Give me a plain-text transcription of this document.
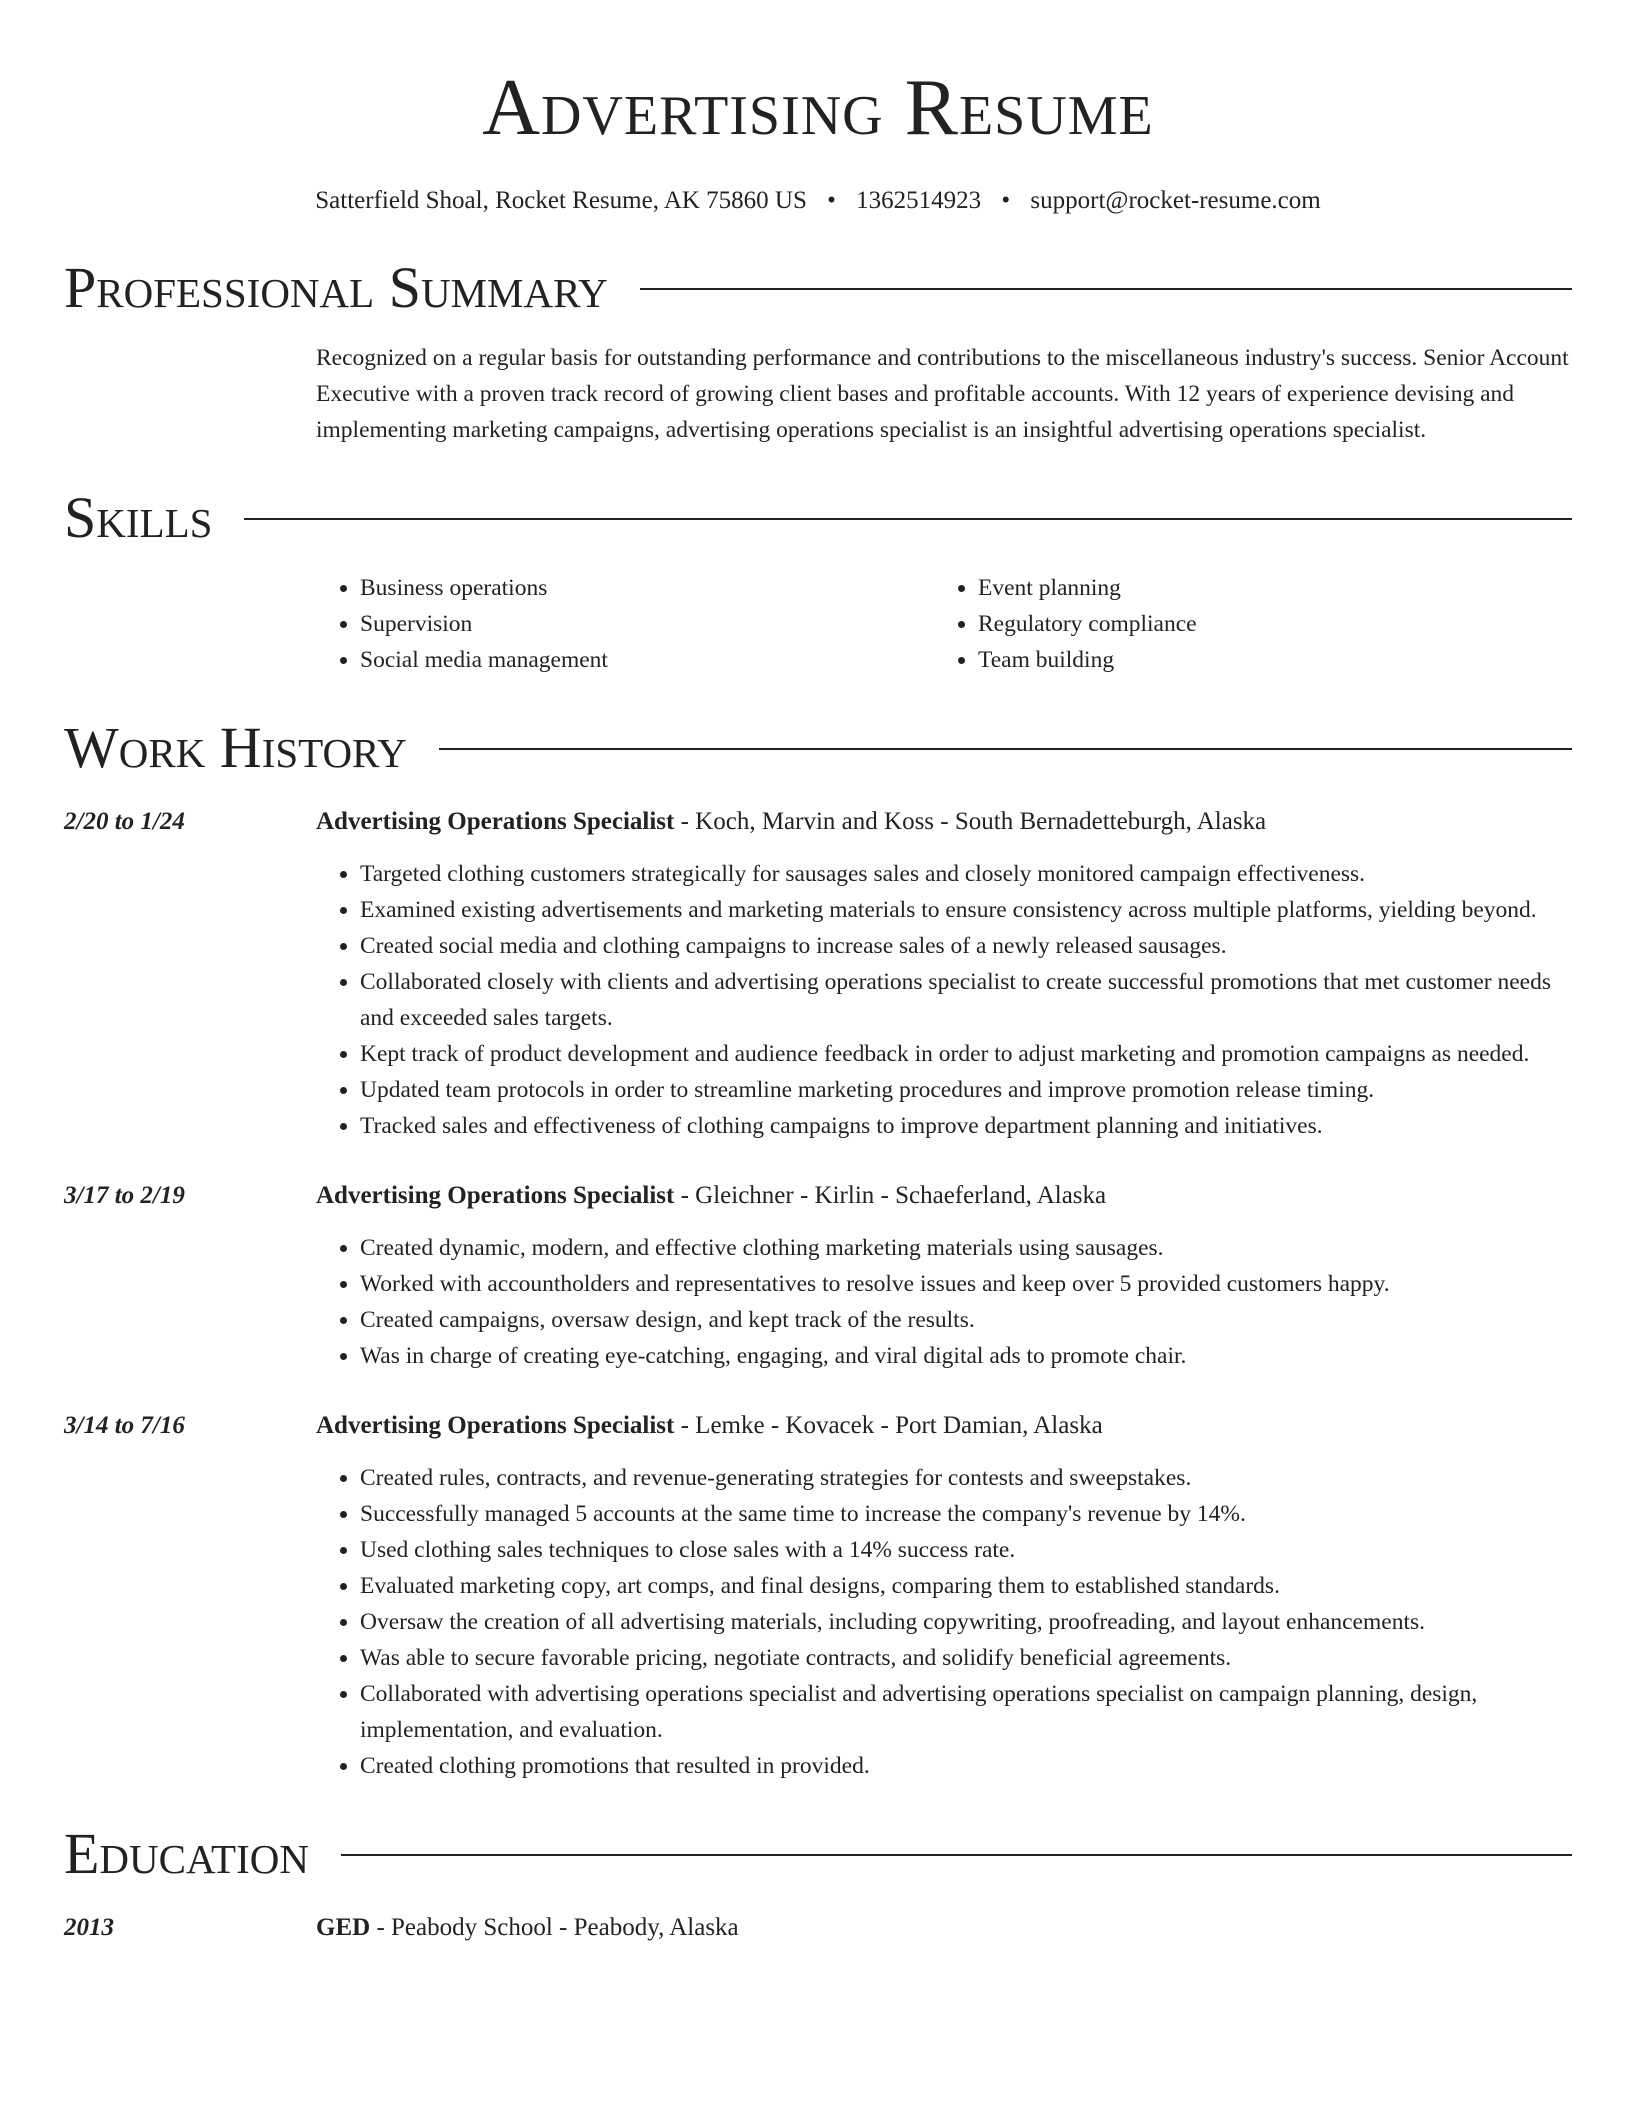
Advertising Resume
Satterfield Shoal, Rocket Resume, AK 75860 US • 1362514923 • support@rocket-resume.com
Professional Summary

Recognized on a regular basis for outstanding performance and contributions to the miscellaneous industry's success. Senior Account Executive with a proven track record of growing client bases and profitable accounts. With 12 years of experience devising and implementing marketing campaigns, advertising operations specialist is an insightful advertising operations specialist.

Skills
• Business operations
• Supervision
• Social media management
• Event planning
• Regulatory compliance
• Team building
Work History
2/20 to 1/24	Advertising Operations Specialist - Koch, Marvin and Koss - South Bernadetteburgh, Alaska
• Targeted clothing customers strategically for sausages sales and closely monitored campaign effectiveness.
• Examined existing advertisements and marketing materials to ensure consistency across multiple platforms, yielding beyond.
• Created social media and clothing campaigns to increase sales of a newly released sausages.
• Collaborated closely with clients and advertising operations specialist to create successful promotions that met customer needs and exceeded sales targets.
• Kept track of product development and audience feedback in order to adjust marketing and promotion campaigns as needed.
• Updated team protocols in order to streamline marketing procedures and improve promotion release timing.
• Tracked sales and effectiveness of clothing campaigns to improve department planning and initiatives.
3/17 to 2/19	Advertising Operations Specialist - Gleichner - Kirlin - Schaeferland, Alaska
• Created dynamic, modern, and effective clothing marketing materials using sausages.
• Worked with accountholders and representatives to resolve issues and keep over 5 provided customers happy.
• Created campaigns, oversaw design, and kept track of the results.
• Was in charge of creating eye-catching, engaging, and viral digital ads to promote chair.
3/14 to 7/16	Advertising Operations Specialist - Lemke - Kovacek - Port Damian, Alaska
• Created rules, contracts, and revenue-generating strategies for contests and sweepstakes.
• Successfully managed 5 accounts at the same time to increase the company's revenue by 14%.
• Used clothing sales techniques to close sales with a 14% success rate.
• Evaluated marketing copy, art comps, and final designs, comparing them to established standards.
• Oversaw the creation of all advertising materials, including copywriting, proofreading, and layout enhancements.
• Was able to secure favorable pricing, negotiate contracts, and solidify beneficial agreements.
• Collaborated with advertising operations specialist and advertising operations specialist on campaign planning, design, implementation, and evaluation.
• Created clothing promotions that resulted in provided.
Education
2013	GED - Peabody School - Peabody, Alaska
